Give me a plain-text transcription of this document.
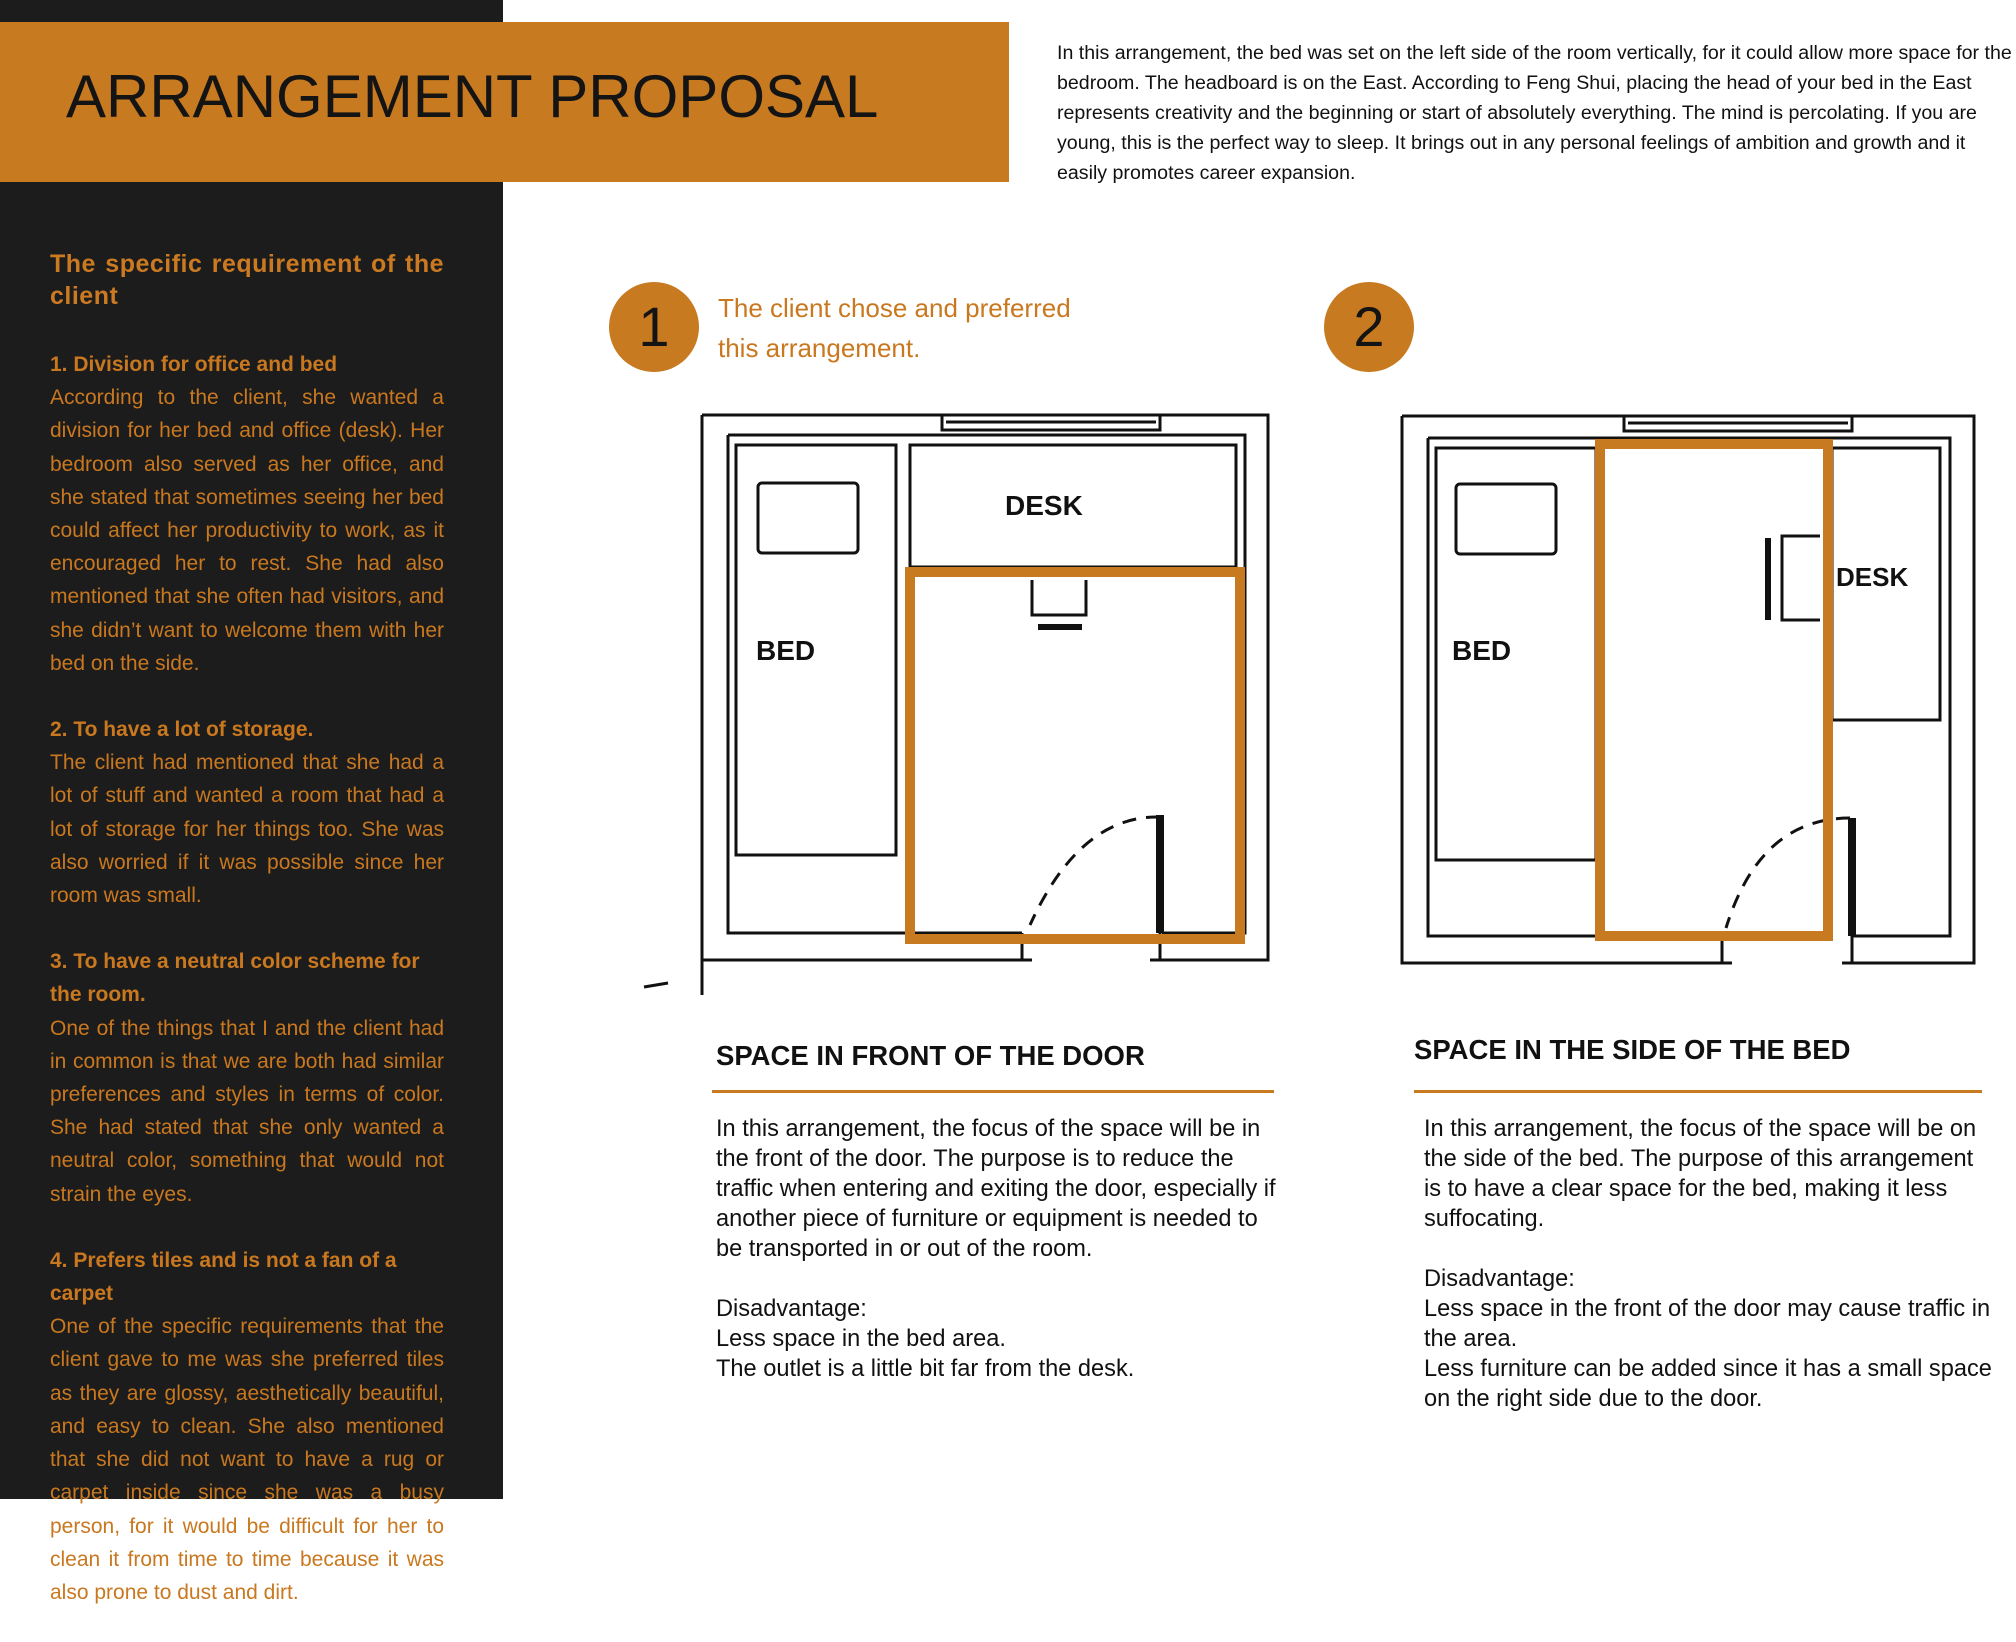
ARRANGEMENT PROPOSAL
In this arrangement, the bed was set on the left side of the room vertically, for it could allow more space for the bedroom. The headboard is on the East. According to Feng Shui, placing the head of your bed in the East represents creativity and the beginning or start of absolutely everything. The mind is percolating. If you are young, this is the perfect way to sleep. It brings out in any personal feelings of ambition and growth and it easily promotes career expansion.
The specific requirement of the client
1. Division for office and bed
According to the client, she wanted a division for her bed and office (desk). Her bedroom also served as her office, and she stated that sometimes seeing her bed could affect her productivity to work, as it encouraged her to rest. She had also mentioned that she often had visitors, and she didn’t want to welcome them with her bed on the side.
2. To have a lot of storage.
The client had mentioned that she had a lot of stuff and wanted a room that had a lot of storage for her things too. She was also worried if it was possible since her room was small.
3. To have a neutral color scheme for the room.
One of the things that I and the client had in common is that we are both had similar preferences and styles in terms of color. She had stated that she only wanted a neutral color, something that would not strain the eyes.
4. Prefers tiles and is not a fan of a carpet
One of the specific requirements that the client gave to me was she preferred tiles as they are glossy, aesthetically beautiful, and easy to clean. She also mentioned that she did not want to have a rug or carpet inside since she was a busy person, for it would be difficult for her to clean it from time to time because it was also prone to dust and dirt.
1	The client chose and preferred this arrangement.
DESK
BED
SPACE IN FRONT OF THE DOOR

In this arrangement, the focus of the space will be in the front of the door. The purpose is to reduce the traffic when entering and exiting the door, especially if another piece of furniture or equipment is needed to be transported in or out of the room.

Disadvantage:

Less space in the bed area.

The outlet is a little bit far from the desk.

2
DESK
BED
SPACE IN THE SIDE OF THE BED

In this arrangement, the focus of the space will be on the side of the bed. The purpose of this arrangement is to have a clear space for the bed, making it less suffocating.

Disadvantage:

Less space in the front of the door may cause traffic in the area.

Less furniture can be added since it has a small space on the right side due to the door.
